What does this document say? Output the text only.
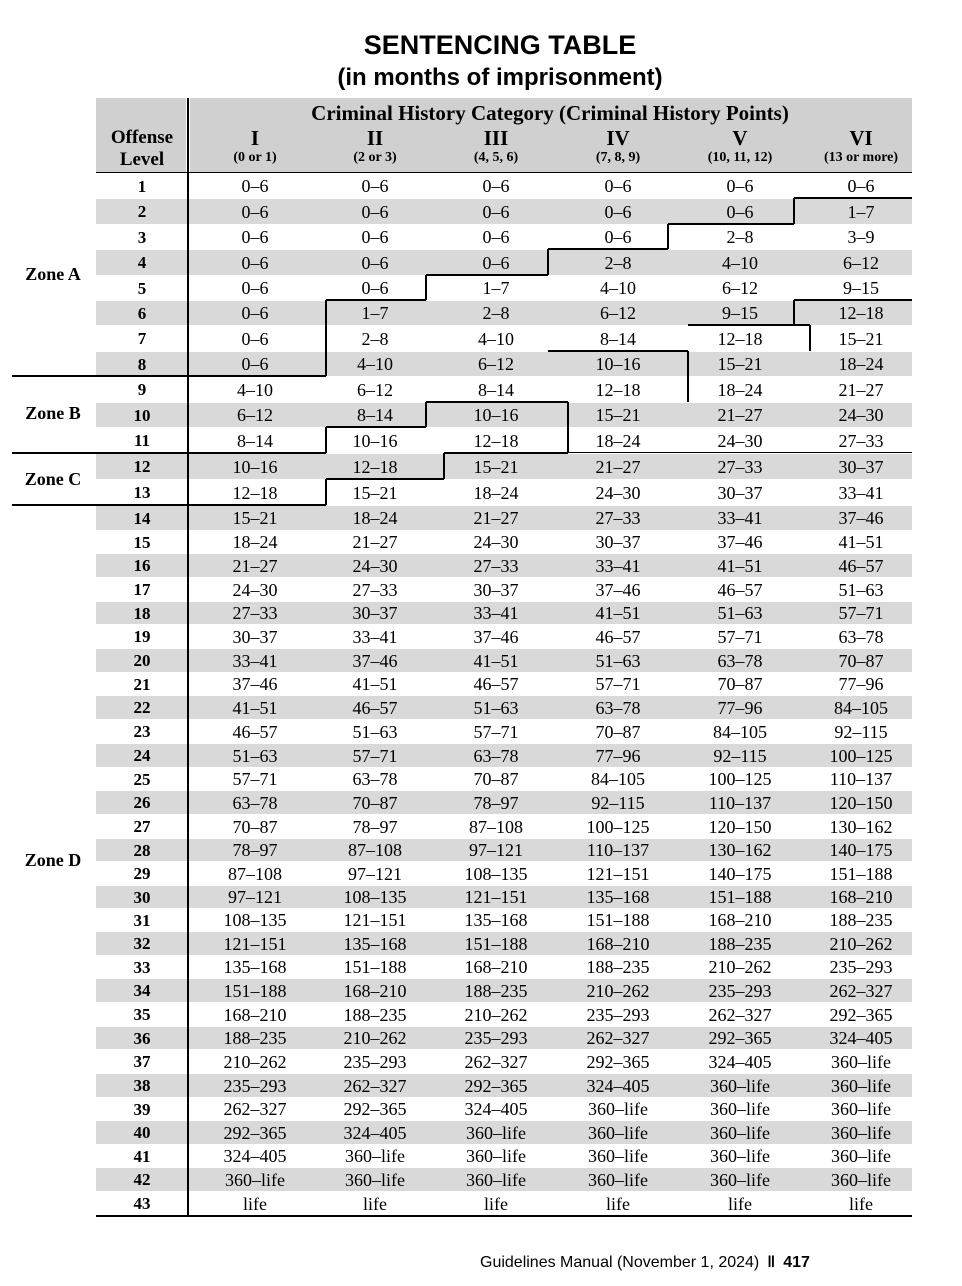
SENTENCING TABLE
(in months of imprisonment)
Criminal History Category (Criminal History Points)
Offense
Level
I
(0 or 1)
II
(2 or 3)
III
(4, 5, 6)
IV
(7, 8, 9)
V
(10, 11, 12)
VI
(13 or more)
1	0–6	0–6	0–6	0–6	0–6	0–6
2	0–6	0–6	0–6	0–6	0–6	1–7
3	0–6	0–6	0–6	0–6	2–8	3–9
4	0–6	0–6	0–6	2–8	4–10	6–12
5	0–6	0–6	1–7	4–10	6–12	9–15
6	0–6	1–7	2–8	6–12	9–15	12–18
7	0–6	2–8	4–10	8–14	12–18	15–21
8	0–6	4–10	6–12	10–16	15–21	18–24
9	4–10	6–12	8–14	12–18	18–24	21–27
10	6–12	8–14	10–16	15–21	21–27	24–30
11	8–14	10–16	12–18	18–24	24–30	27–33
12	10–16	12–18	15–21	21–27	27–33	30–37
13	12–18	15–21	18–24	24–30	30–37	33–41
14	15–21	18–24	21–27	27–33	33–41	37–46
15	18–24	21–27	24–30	30–37	37–46	41–51
16	21–27	24–30	27–33	33–41	41–51	46–57
17	24–30	27–33	30–37	37–46	46–57	51–63
18	27–33	30–37	33–41	41–51	51–63	57–71
19	30–37	33–41	37–46	46–57	57–71	63–78
20	33–41	37–46	41–51	51–63	63–78	70–87
21	37–46	41–51	46–57	57–71	70–87	77–96
22	41–51	46–57	51–63	63–78	77–96	84–105
23	46–57	51–63	57–71	70–87	84–105	92–115
24	51–63	57–71	63–78	77–96	92–115	100–125
25	57–71	63–78	70–87	84–105	100–125	110–137
26	63–78	70–87	78–97	92–115	110–137	120–150
27	70–87	78–97	87–108	100–125	120–150	130–162
28	78–97	87–108	97–121	110–137	130–162	140–175
29	87–108	97–121	108–135	121–151	140–175	151–188
30	97–121	108–135	121–151	135–168	151–188	168–210
31	108–135	121–151	135–168	151–188	168–210	188–235
32	121–151	135–168	151–188	168–210	188–235	210–262
33	135–168	151–188	168–210	188–235	210–262	235–293
34	151–188	168–210	188–235	210–262	235–293	262–327
35	168–210	188–235	210–262	235–293	262–327	292–365
36	188–235	210–262	235–293	262–327	292–365	324–405
37	210–262	235–293	262–327	292–365	324–405	360–life
38	235–293	262–327	292–365	324–405	360–life	360–life
39	262–327	292–365	324–405	360–life	360–life	360–life
40	292–365	324–405	360–life	360–life	360–life	360–life
41	324–405	360–life	360–life	360–life	360–life	360–life
42	360–life	360–life	360–life	360–life	360–life	360–life
43	life	life	life	life	life	life
Zone A
Zone B
Zone C
Zone D
Guidelines Manual (November 1, 2024) ‖ 417
